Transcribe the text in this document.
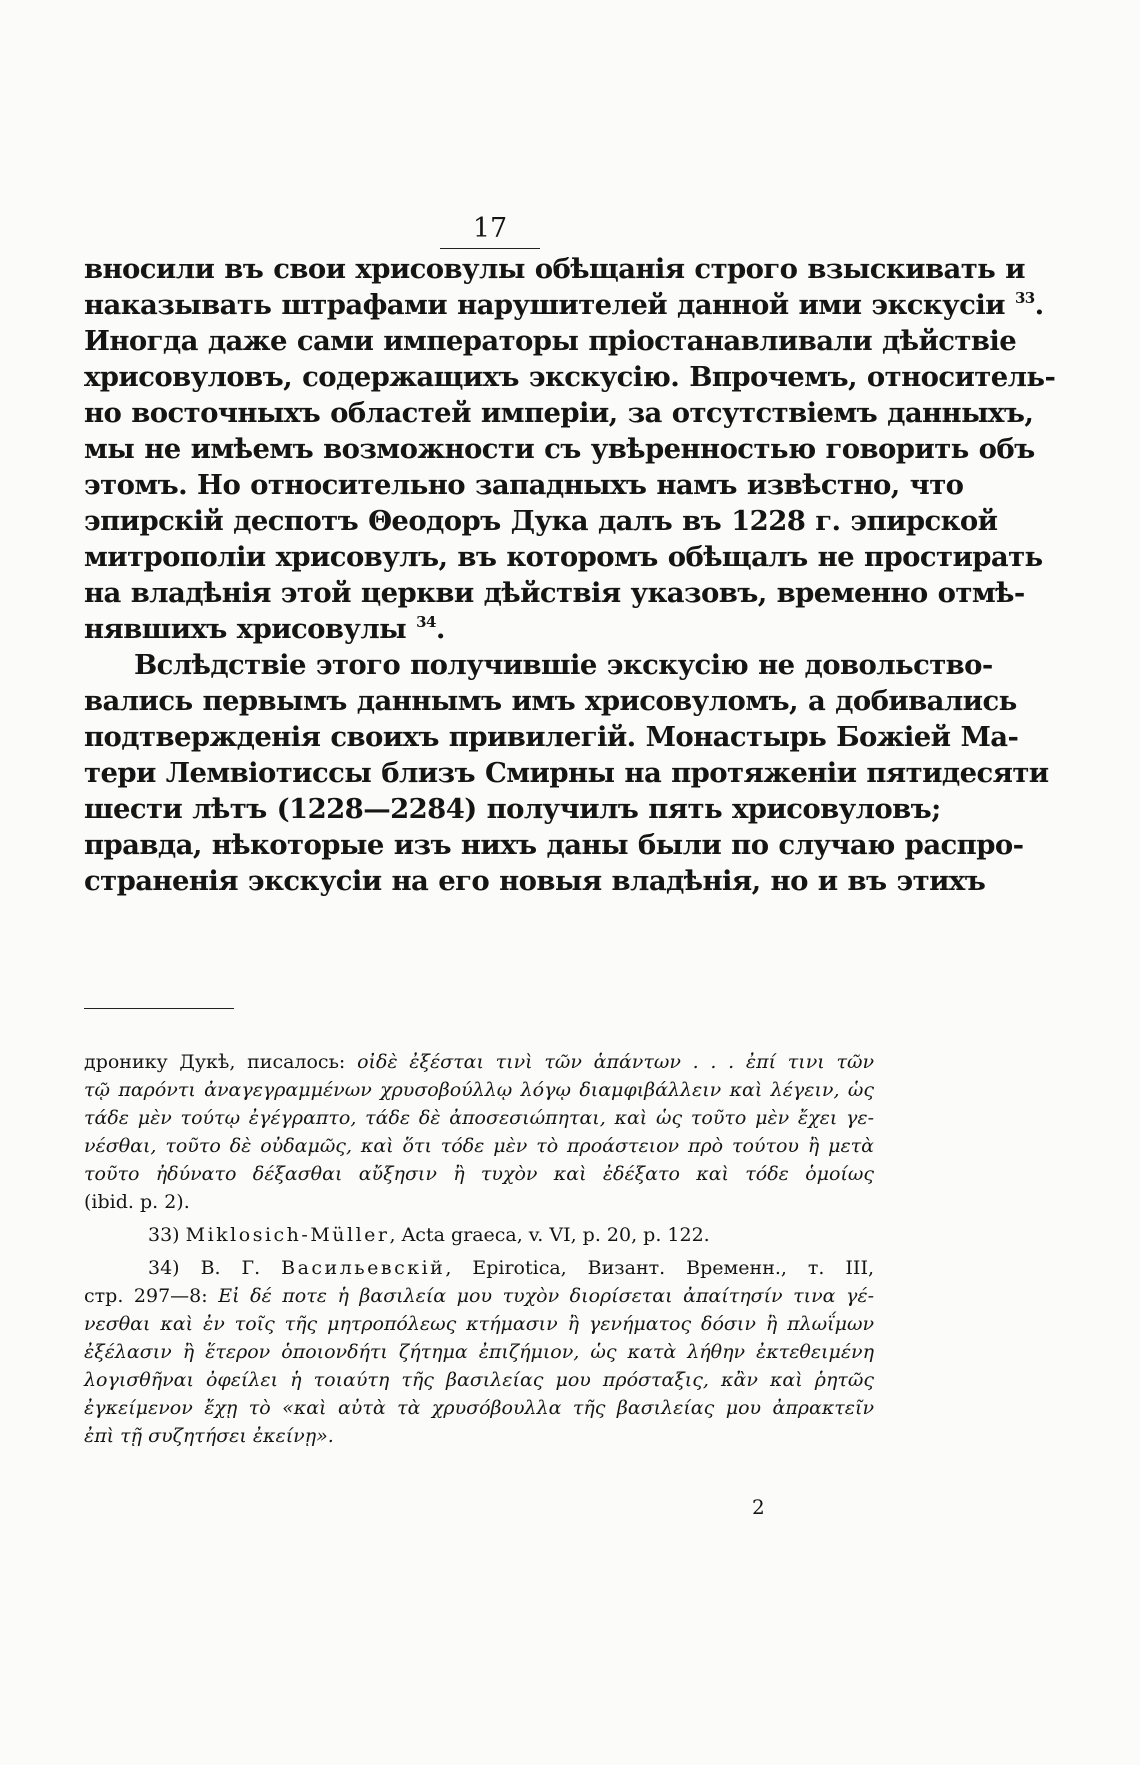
17
вносили въ свои хрисовулы обѣщанія строго взыскивать и
наказывать штрафами нарушителей данной ими экскусіи $^{33}$.
Иногда даже сами императоры пріостанавливали дѣйствіе
хрисовуловъ, содержащихъ экскусію. Впрочемъ, относитель-
но восточныхъ областей имперіи, за отсутствіемъ данныхъ,
мы не имѣемъ возможности съ увѣренностью говорить объ
этомъ. Но относительно западныхъ намъ извѣстно, что
эпирскій деспотъ Θеодоръ Дука далъ въ 1228 г. эпирской
митрополіи хрисовулъ, въ которомъ обѣщалъ не простирать
на владѣнія этой церкви дѣйствія указовъ, временно отмѣ-
нявшихъ хрисовулы $^{34}$.
Вслѣдствіе этого получившіе экскусію не довольство-
вались первымъ даннымъ имъ хрисовуломъ, а добивались
подтвержденія своихъ привилегій. Монастырь Божіей Ма-
тери Лемвіотиссы близъ Смирны на протяженіи пятидесяти
шести лѣтъ (1228—2284) получилъ пять хрисовуловъ;
правда, нѣкоторые изъ нихъ даны были по случаю распро-
страненія экскусіи на его новыя владѣнія, но и въ этихъ
дронику Дукѣ, писалось: οἰδὲ ἐξέσται τινὶ τῶν ἁπάντων . . . ἐπί τινι τῶν
τῷ παρόντι ἀναγεγραμμένων χρυσοβούλλῳ λόγῳ διαμφιβάλλειν καὶ λέγειν, ὡς
τάδε μὲν τούτῳ ἐγέγραπτο, τάδε δὲ ἀποσεσιώπηται, καὶ ὡς τοῦτο μὲν ἔχει γε-
νέσθαι, τοῦτο δὲ οὐδαμῶς, καὶ ὅτι τόδε μὲν τὸ προάστειον πρὸ τούτου ἢ μετὰ
τοῦτο ἠδύνατο δέξασθαι αὔξησιν ἢ τυχὸν καὶ ἐδέξατο καὶ τόδε ὁμοίως
(ibid. p. 2).
33) Miklosich-Müller, Acta graeca, v. VI, p. 20, p. 122.
34) В. Г. Васильевскій, Epirotica, Визант. Временн., т. III,
стр. 297—8: Εἰ δέ ποτε ἡ βασιλεία μου τυχὸν διορίσεται ἀπαίτησίν τινα γέ-
νεσθαι καὶ ἐν τοῖς τῆς μητροπόλεως κτήμασιν ἢ γενήματος δόσιν ἢ πλωΐμων
ἐξέλασιν ἢ ἕτερον ὁποιονδήτι ζήτημα ἐπιζήμιον, ὡς κατὰ λήθην ἐκτεθειμένη
λογισθῆναι ὀφείλει ἡ τοιαύτη τῆς βασιλείας μου πρόσταξις, κἂν καὶ ῥητῶς
ἐγκείμενον ἔχῃ τὸ «καὶ αὐτὰ τὰ χρυσόβουλλα τῆς βασιλείας μου ἀπρακτεῖν
ἐπὶ τῇ συζητήσει ἐκείνῃ».
2
